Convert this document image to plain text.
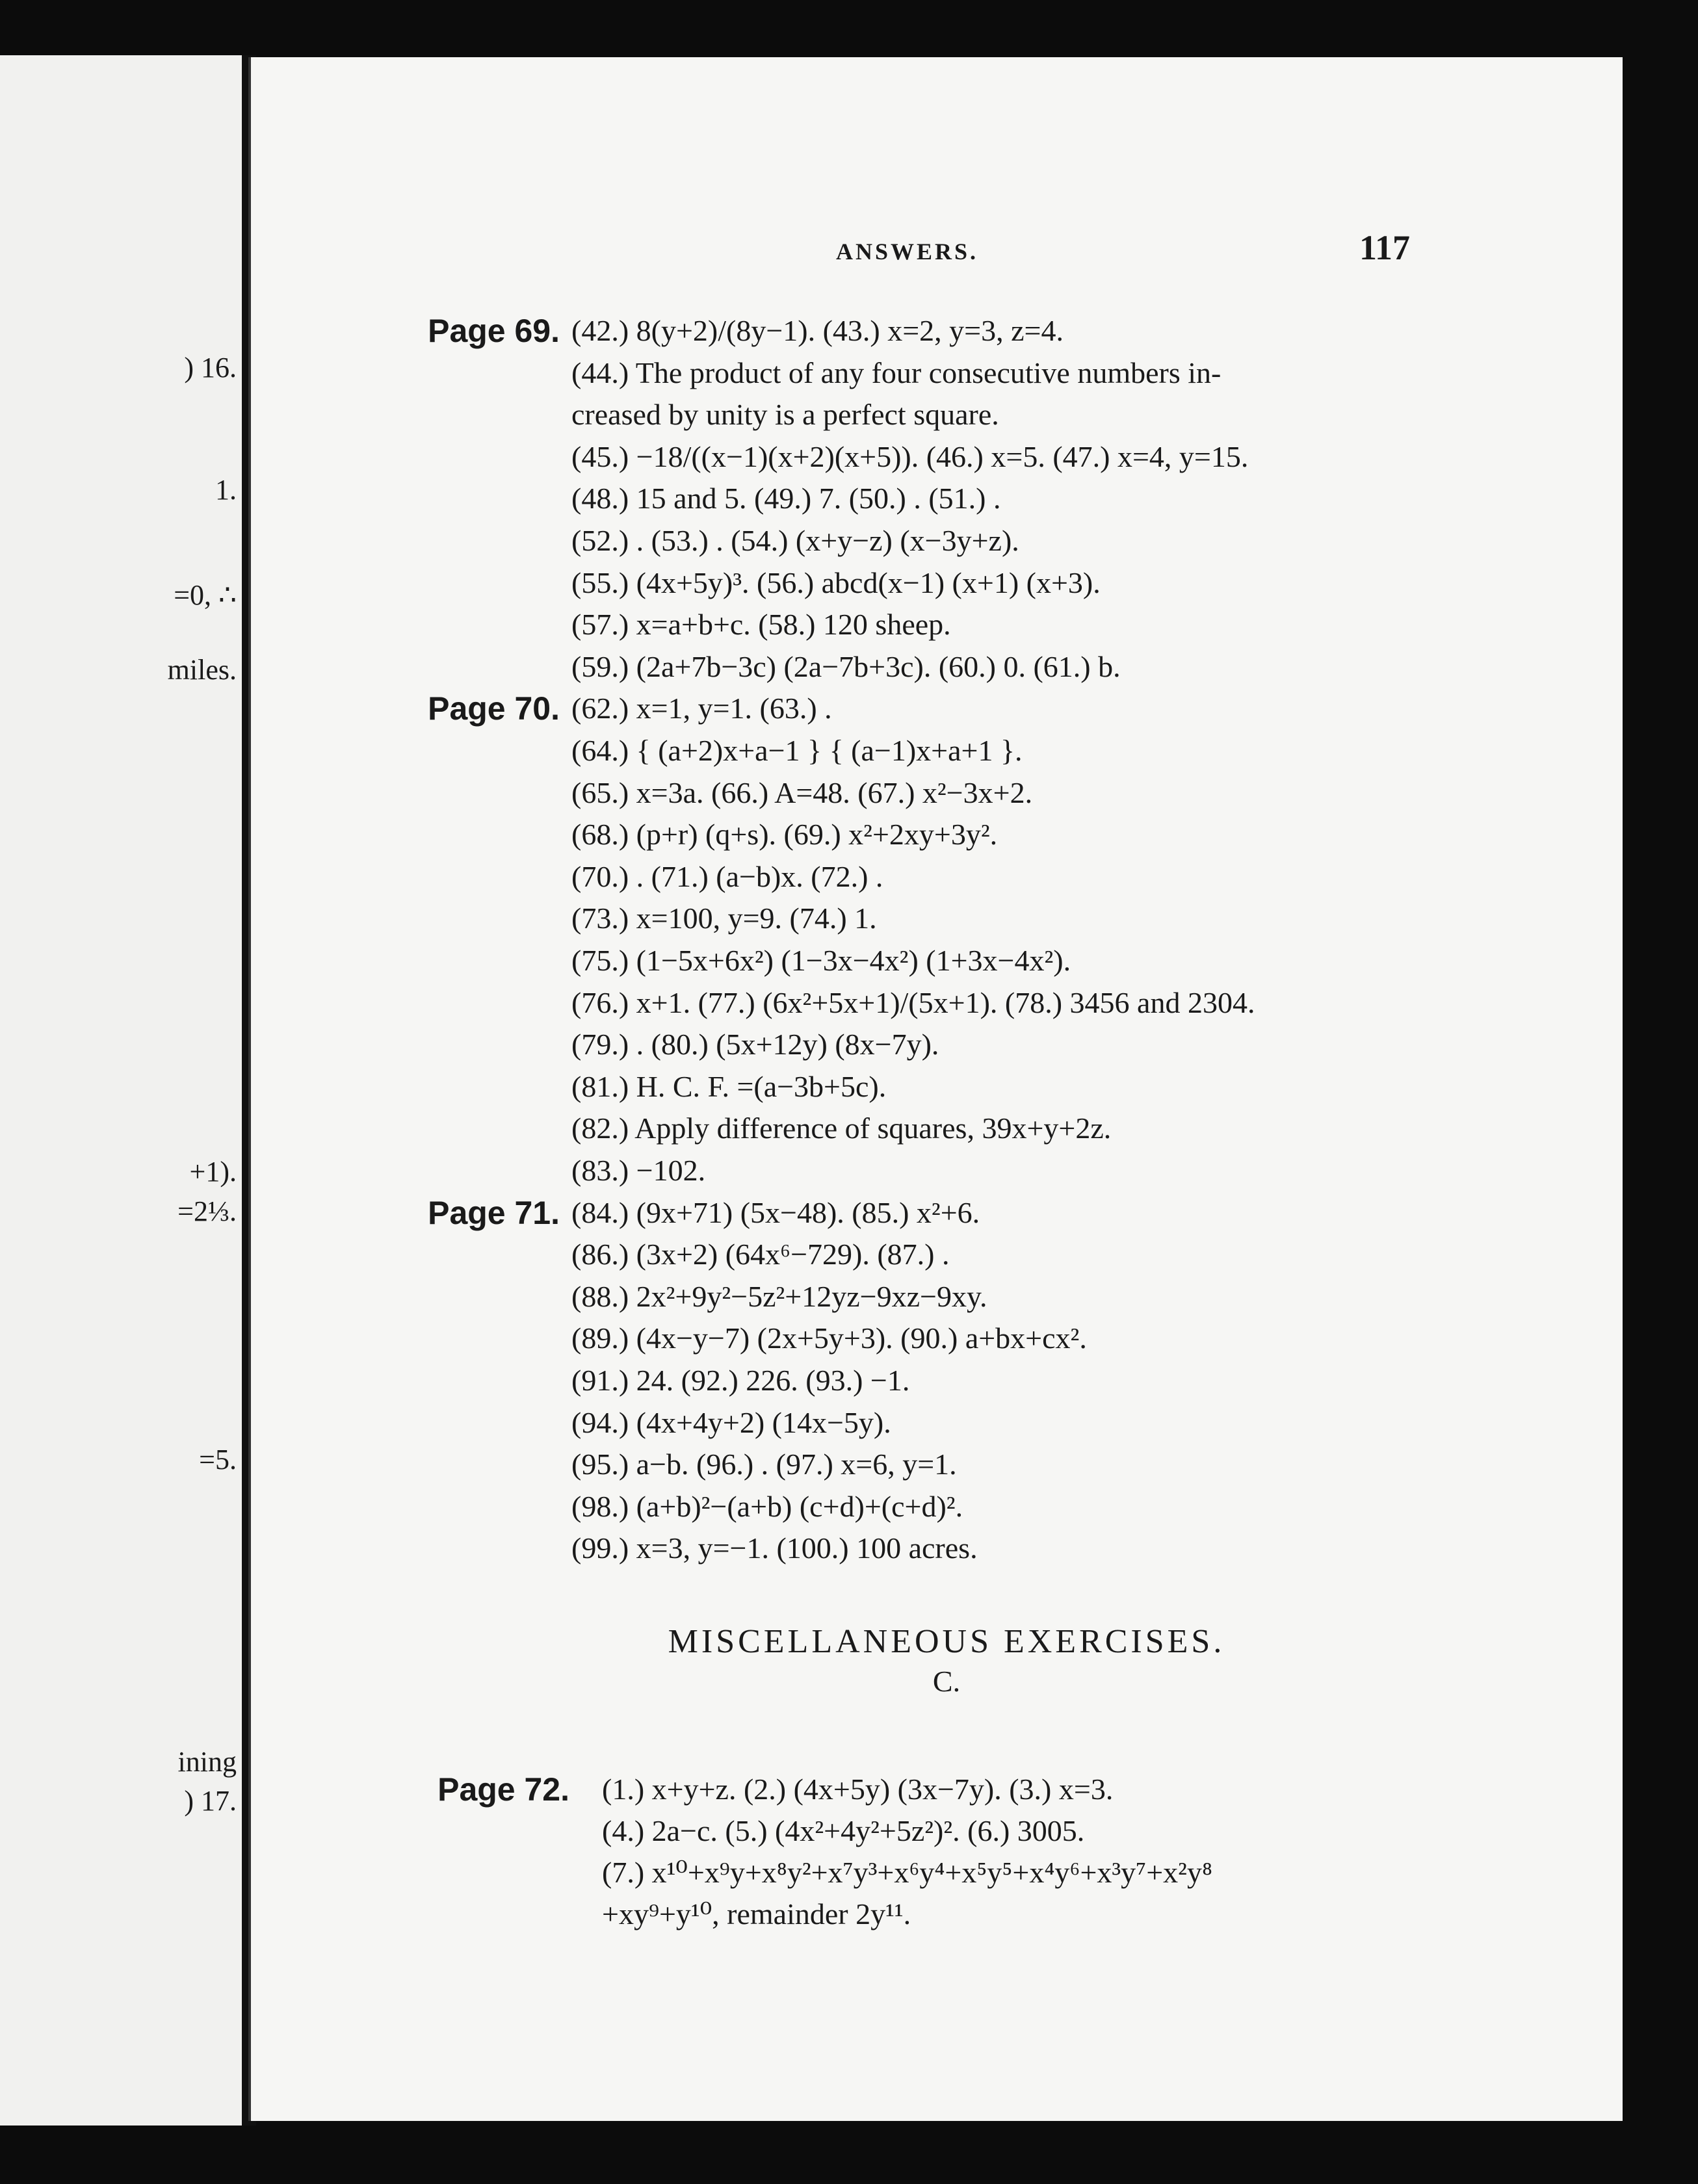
) 16.
1.
=0, ∴
miles.
+1).
=2⅓.
=5.
ining
) 17.
ANSWERS.	117
Page 69. (42.) 8(y+2)/(8y−1). (43.) x=2, y=3, z=4.
(44.) The product of any four consecutive numbers in-
creased by unity is a perfect square.
(45.) −18/((x−1)(x+2)(x+5)). (46.) x=5. (47.) x=4, y=15.
(48.) 15 and 5. (49.) 7. (50.) . (51.) .
(52.) . (53.) . (54.) (x+y−z) (x−3y+z).
(55.) (4x+5y)³. (56.) abcd(x−1) (x+1) (x+3).
(57.) x=a+b+c. (58.) 120 sheep.
(59.) (2a+7b−3c) (2a−7b+3c). (60.) 0. (61.) b.
Page 70. (62.) x=1, y=1. (63.) .
(64.) { (a+2)x+a−1 } { (a−1)x+a+1 }.
(65.) x=3a. (66.) A=48. (67.) x²−3x+2.
(68.) (p+r) (q+s). (69.) x²+2xy+3y².
(70.) . (71.) (a−b)x. (72.) .
(73.) x=100, y=9. (74.) 1.
(75.) (1−5x+6x²) (1−3x−4x²) (1+3x−4x²).
(76.) x+1. (77.) (6x²+5x+1)/(5x+1). (78.) 3456 and 2304.
(79.) . (80.) (5x+12y) (8x−7y).
(81.) H. C. F. =(a−3b+5c).
(82.) Apply difference of squares, 39x+y+2z.
(83.) −102.
Page 71. (84.) (9x+71) (5x−48). (85.) x²+6.
(86.) (3x+2) (64x⁶−729). (87.) .
(88.) 2x²+9y²−5z²+12yz−9xz−9xy.
(89.) (4x−y−7) (2x+5y+3). (90.) a+bx+cx².
(91.) 24. (92.) 226. (93.) −1.
(94.) (4x+4y+2) (14x−5y).
(95.) a−b. (96.) . (97.) x=6, y=1.
(98.) (a+b)²−(a+b) (c+d)+(c+d)².
(99.) x=3, y=−1. (100.) 100 acres.
MISCELLANEOUS EXERCISES.
C.
Page 72. (1.) x+y+z. (2.) (4x+5y) (3x−7y). (3.) x=3.
(4.) 2a−c. (5.) (4x²+4y²+5z²)². (6.) 3005.
(7.) x¹⁰+x⁹y+x⁸y²+x⁷y³+x⁶y⁴+x⁵y⁵+x⁴y⁶+x³y⁷+x²y⁸
+xy⁹+y¹⁰, remainder 2y¹¹.
